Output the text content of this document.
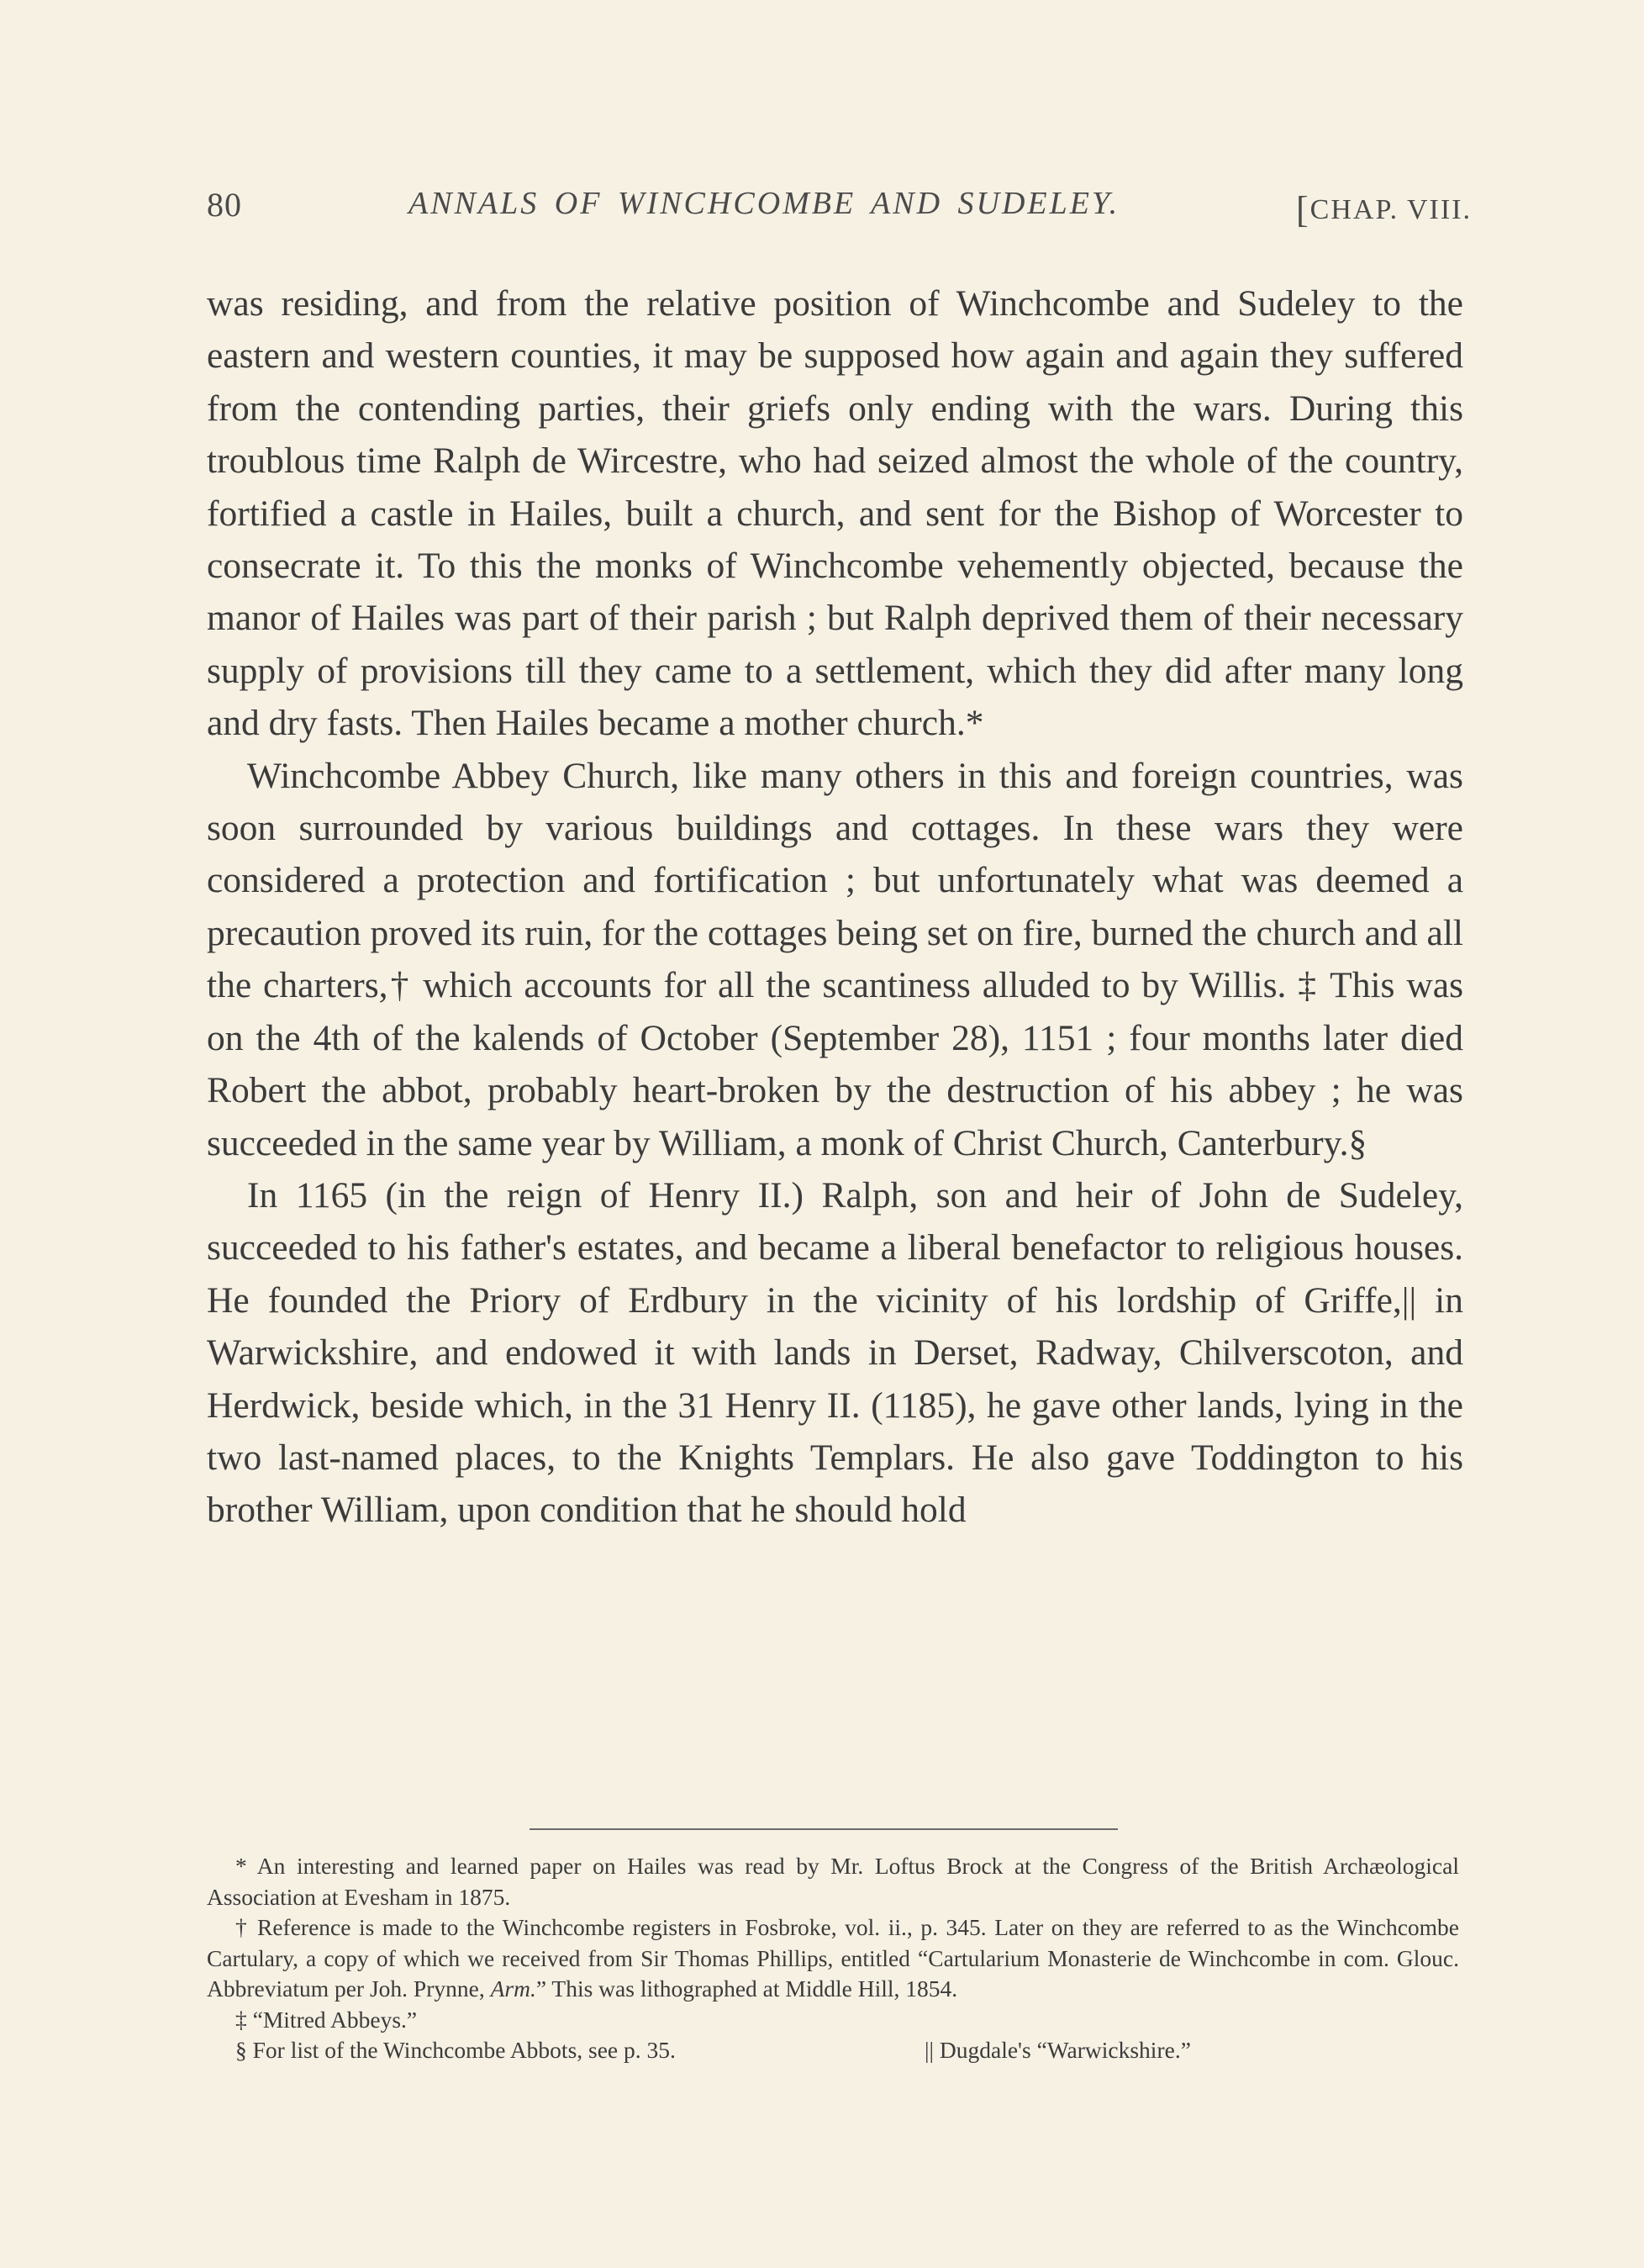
80	ANNALS OF WINCHCOMBE AND SUDELEY.	[CHAP. VIII.

was residing, and from the relative position of Winchcombe and Sudeley to the eastern and western counties, it may be supposed how again and again they suffered from the contending parties, their griefs only ending with the wars. During this troublous time Ralph de Wircestre, who had seized almost the whole of the country, fortified a castle in Hailes, built a church, and sent for the Bishop of Worcester to consecrate it. To this the monks of Winchcombe vehemently objected, because the manor of Hailes was part of their parish ; but Ralph deprived them of their necessary supply of provisions till they came to a settlement, which they did after many long and dry fasts. Then Hailes became a mother church.*

Winchcombe Abbey Church, like many others in this and foreign countries, was soon surrounded by various buildings and cottages. In these wars they were considered a protection and fortification ; but unfortunately what was deemed a precaution proved its ruin, for the cottages being set on fire, burned the church and all the charters,† which accounts for all the scantiness alluded to by Willis. ‡ This was on the 4th of the kalends of October (September 28), 1151 ; four months later died Robert the abbot, probably heart-broken by the destruction of his abbey ; he was succeeded in the same year by William, a monk of Christ Church, Canterbury.§

In 1165 (in the reign of Henry II.) Ralph, son and heir of John de Sudeley, succeeded to his father's estates, and became a liberal benefactor to religious houses. He founded the Priory of Erdbury in the vicinity of his lordship of Griffe,|| in Warwickshire, and endowed it with lands in Derset, Radway, Chilverscoton, and Herdwick, beside which, in the 31 Henry II. (1185), he gave other lands, lying in the two last-named places, to the Knights Templars. He also gave Toddington to his brother William, upon condition that he should hold

* An interesting and learned paper on Hailes was read by Mr. Loftus Brock at the Congress of the British Archæological Association at Evesham in 1875.

† Reference is made to the Winchcombe registers in Fosbroke, vol. ii., p. 345. Later on they are referred to as the Winchcombe Cartulary, a copy of which we received from Sir Thomas Phillips, entitled “Cartularium Monasterie de Winchcombe in com. Glouc. Abbreviatum per Joh. Prynne, Arm.” This was lithographed at Middle Hill, 1854.

‡ “Mitred Abbeys.”

§ For list of the Winchcombe Abbots, see p. 35.	|| Dugdale's “Warwickshire.”
